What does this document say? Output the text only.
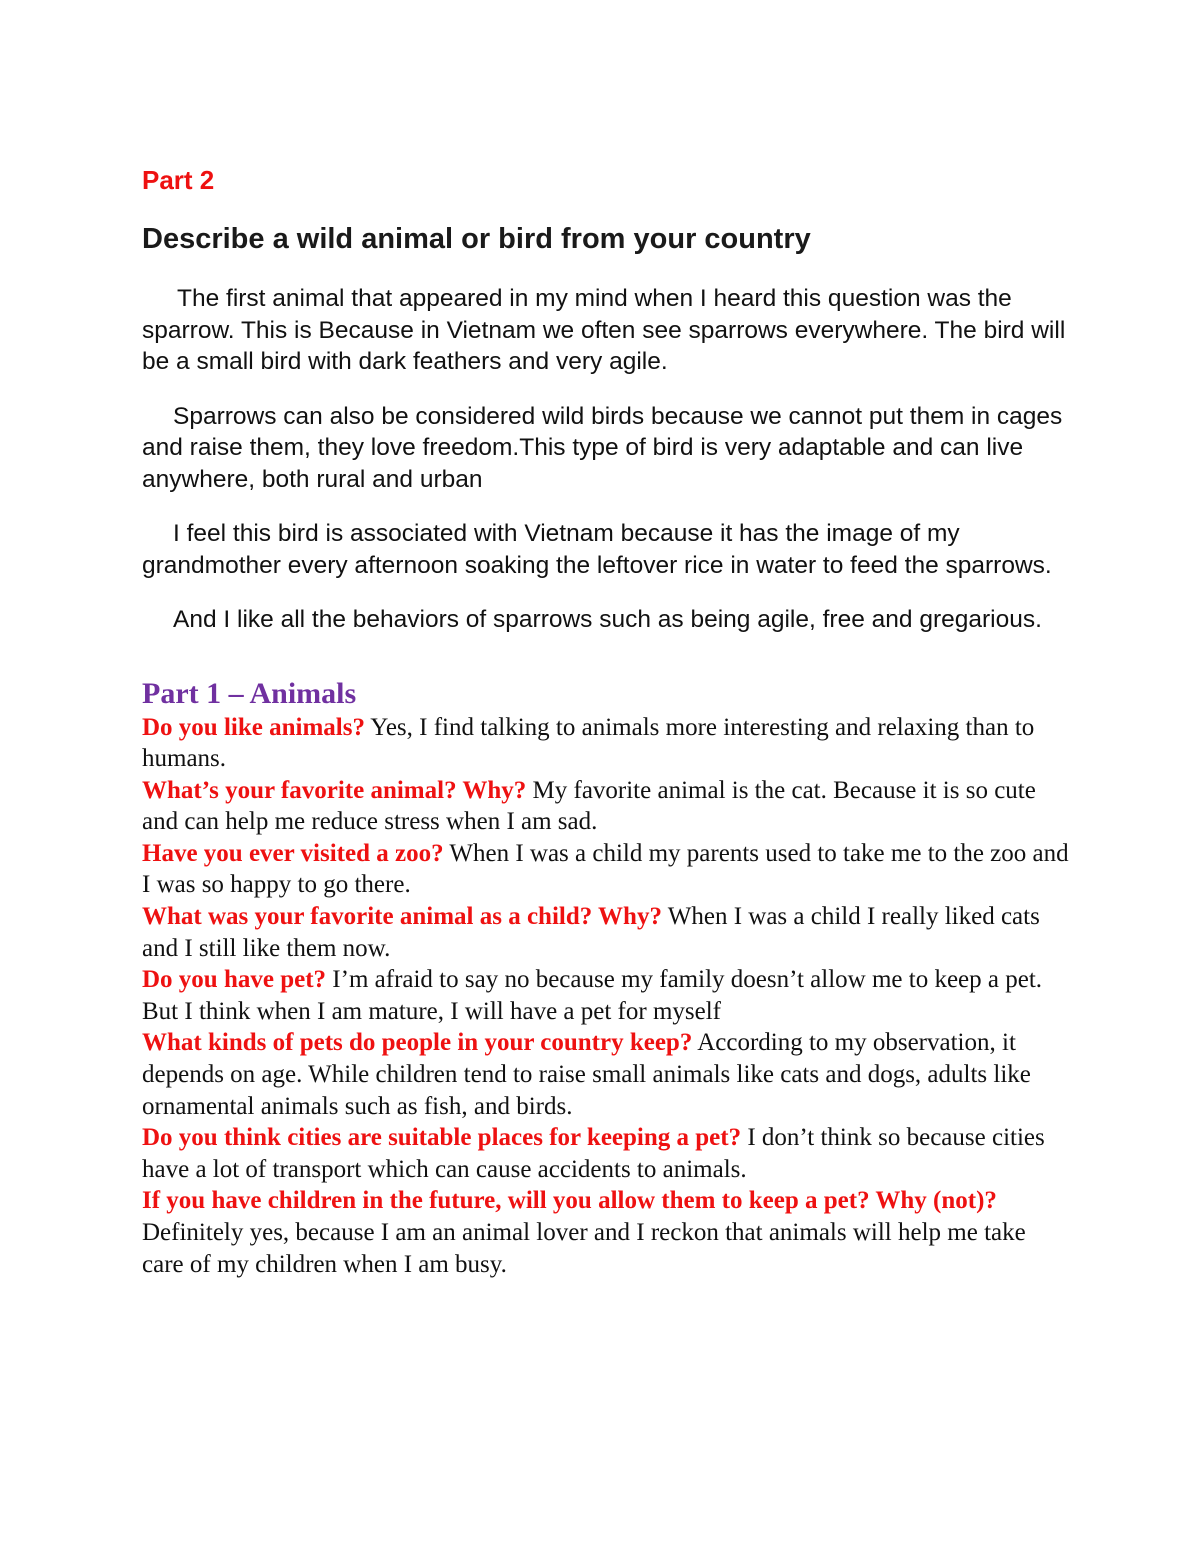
Part 2
Describe a wild animal or bird from your country

The first animal that appeared in my mind when I heard this question was the sparrow. This is Because in Vietnam we often see sparrows everywhere. The bird will be a small bird with dark feathers and very agile.

Sparrows can also be considered wild birds because we cannot put them in cages and raise them, they love freedom.This type of bird is very adaptable and can live anywhere, both rural and urban

I feel this bird is associated with Vietnam because it has the image of my grandmother every afternoon soaking the leftover rice in water to feed the sparrows.

And I like all the behaviors of sparrows such as being agile, free and gregarious.

Part 1 – Animals

Do you like animals? Yes, I find talking to animals more interesting and relaxing than to humans.

What’s your favorite animal? Why? My favorite animal is the cat. Because it is so cute and can help me reduce stress when I am sad.

Have you ever visited a zoo? When I was a child my parents used to take me to the zoo and I was so happy to go there.

What was your favorite animal as a child? Why? When I was a child I really liked cats and I still like them now.

Do you have pet? I’m afraid to say no because my family doesn’t allow me to keep a pet. But I think when I am mature, I will have a pet for myself

What kinds of pets do people in your country keep? According to my observation, it depends on age. While children tend to raise small animals like cats and dogs, adults like ornamental animals such as fish, and birds.

Do you think cities are suitable places for keeping a pet? I don’t think so because cities have a lot of transport which can cause accidents to animals.

If you have children in the future, will you allow them to keep a pet? Why (not)? Definitely yes, because I am an animal lover and I reckon that animals will help me take care of my children when I am busy.
